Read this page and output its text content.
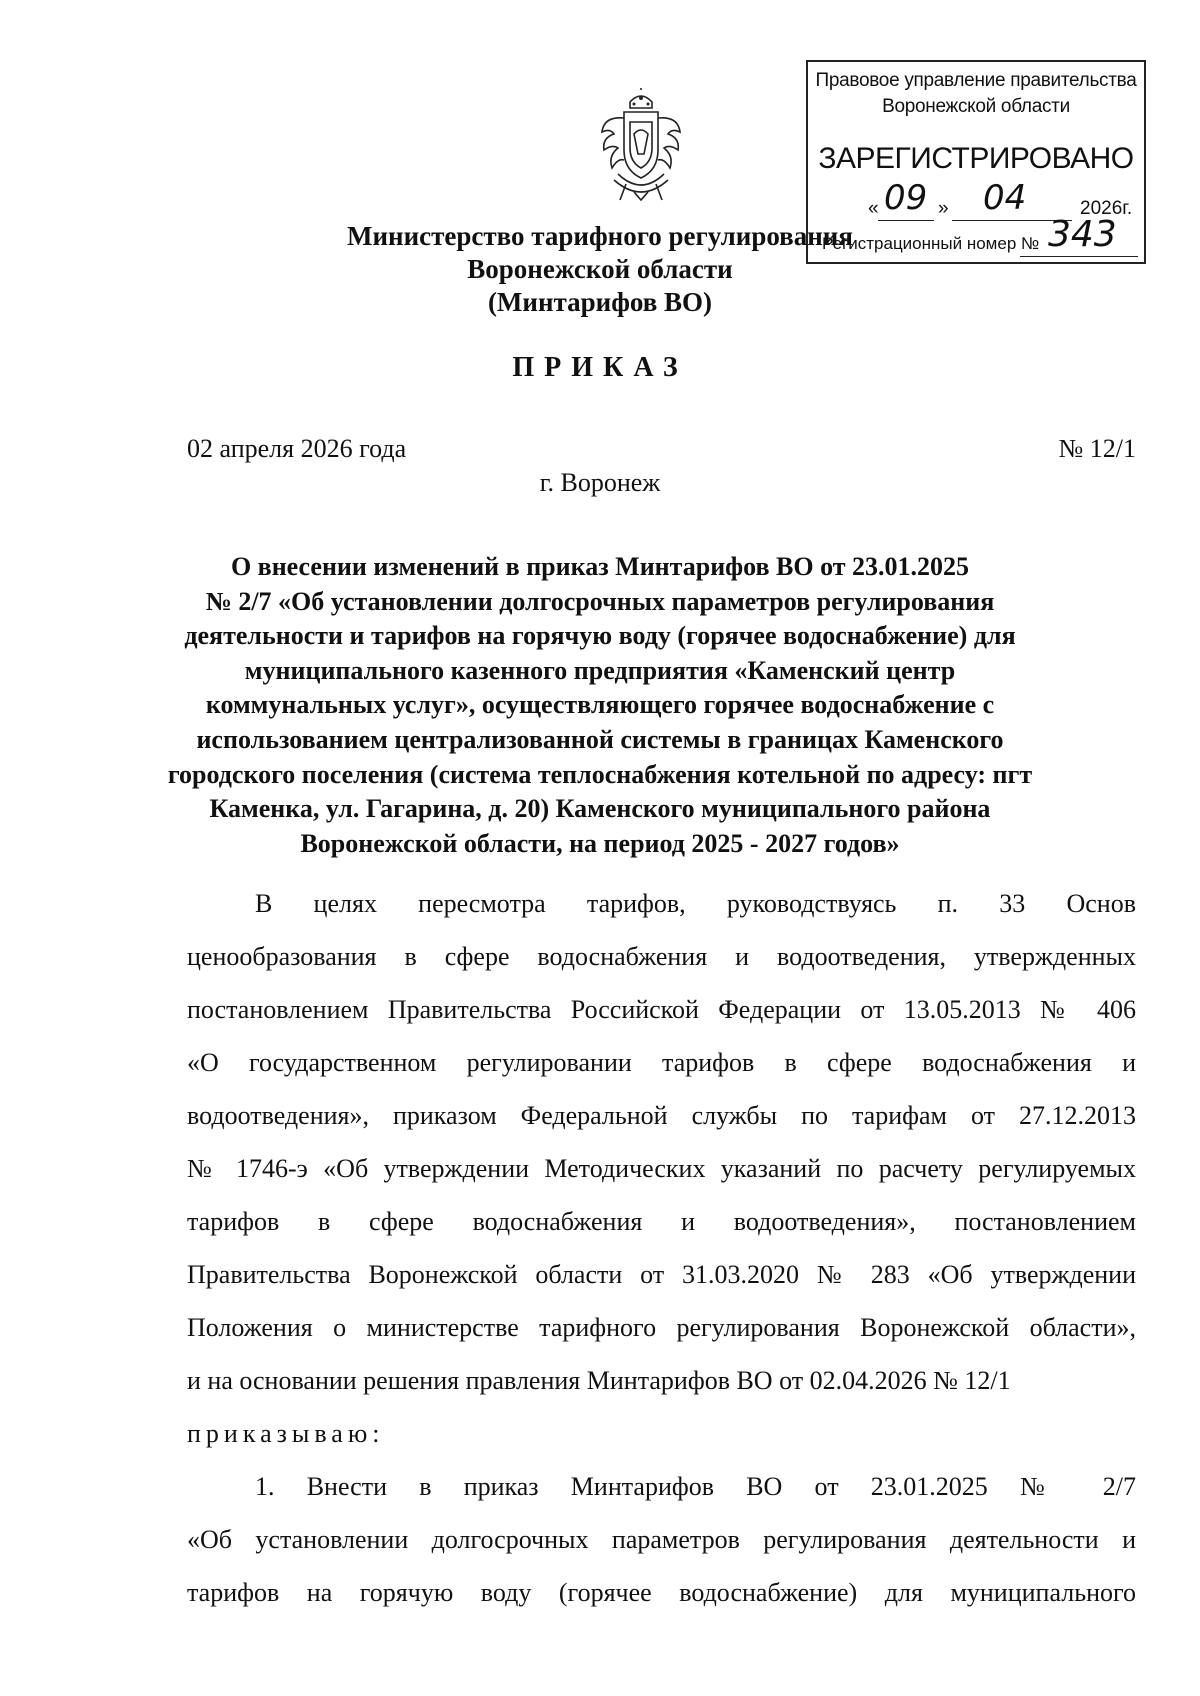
Правовое управление правительства
Воронежской области
ЗАРЕГИСТРИРОВАНО
« 09 » 04	2026г.
Регистрационный номер № 343
Министерство тарифного регулирования
Воронежской области
(Минтарифов ВО)
ПРИКАЗ
02 апреля 2026 года	№ 12/1
г. Воронеж

О внесении изменений в приказ Минтарифов ВО от 23.01.2025

№ 2/7 «Об установлении долгосрочных параметров регулирования

деятельности и тарифов на горячую воду (горячее водоснабжение) для

муниципального казенного предприятия «Каменский центр

коммунальных услуг», осуществляющего горячее водоснабжение с

использованием централизованной системы в границах Каменского

городского поселения (система теплоснабжения котельной по адресу: пгт

Каменка, ул. Гагарина, д. 20) Каменского муниципального района

Воронежской области, на период 2025 - 2027 годов»

В целях пересмотра тарифов, руководствуясь п. 33 Основ
ценообразования в сфере водоснабжения и водоотведения, утвержденных
постановлением Правительства Российской Федерации от 13.05.2013 № 406
«О государственном регулировании тарифов в сфере водоснабжения и
водоотведения», приказом Федеральной службы по тарифам от 27.12.2013
№ 1746-э «Об утверждении Методических указаний по расчету регулируемых
тарифов в сфере водоснабжения и водоотведения», постановлением
Правительства Воронежской области от 31.03.2020 № 283 «Об утверждении
Положения о министерстве тарифного регулирования Воронежской области»,
и на основании решения правления Минтарифов ВО от 02.04.2026 № 12/1
приказываю:
1. Внести в приказ Минтарифов ВО от 23.01.2025 № 2/7
«Об установлении долгосрочных параметров регулирования деятельности и
тарифов на горячую воду (горячее водоснабжение) для муниципального
